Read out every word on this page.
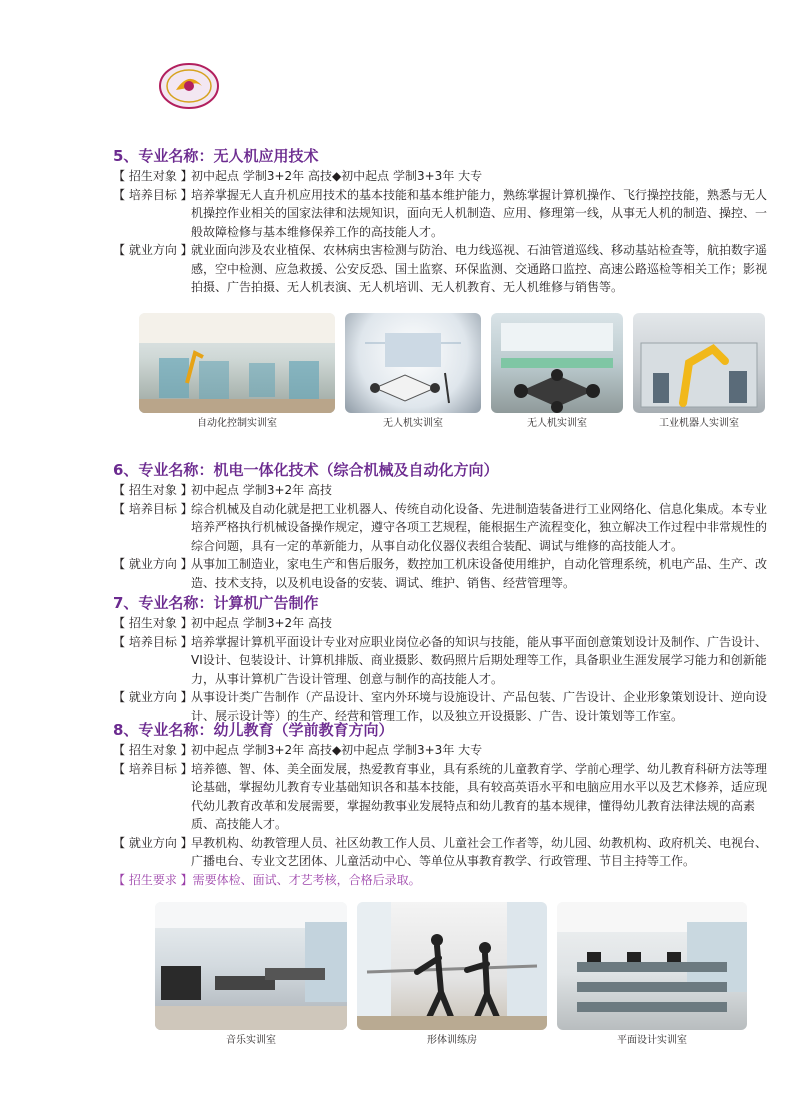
5、专业名称：无人机应用技术
【 招生对象 】
初中起点 学制3+2年 高技◆初中起点 学制3+3年 大专
【 培养目标 】
培养掌握无人直升机应用技术的基本技能和基本维护能力，熟练掌握计算机操作、飞行操控技能，熟悉与无人机操控作业相关的国家法律和法规知识，面向无人机制造、应用、修理第一线，从事无人机的制造、操控、一般故障检修与基本维修保养工作的高技能人才。
【 就业方向 】
就业面向涉及农业植保、农林病虫害检测与防治、电力线巡视、石油管道巡线、移动基站检查等，航拍数字遥感，空中检测、应急救援、公安反恐、国土监察、环保监测、交通路口监控、高速公路巡检等相关工作；影视拍摄、广告拍摄、无人机表演、无人机培训、无人机教育、无人机维修与销售等。
自动化控制实训室	无人机实训室	无人机实训室	工业机器人实训室
6、专业名称：机电一体化技术（综合机械及自动化方向）
【 招生对象 】
初中起点 学制3+2年 高技
【 培养目标 】
综合机械及自动化就是把工业机器人、传统自动化设备、先进制造装备进行工业网络化、信息化集成。本专业培养严格执行机械设备操作规定，遵守各项工艺规程，能根据生产流程变化，独立解决工作过程中非常规性的综合问题，具有一定的革新能力，从事自动化仪器仪表组合装配、调试与维修的高技能人才。
【 就业方向 】
从事加工制造业，家电生产和售后服务，数控加工机床设备使用维护，自动化管理系统，机电产品、生产、改造、技术支持，以及机电设备的安装、调试、维护、销售、经营管理等。
7、专业名称：计算机广告制作
【 招生对象 】
初中起点 学制3+2年 高技
【 培养目标 】
培养掌握计算机平面设计专业对应职业岗位必备的知识与技能，能从事平面创意策划设计及制作、广告设计、VI设计、包装设计、计算机排版、商业摄影、数码照片后期处理等工作，具备职业生涯发展学习能力和创新能力，从事计算机广告设计管理、创意与制作的高技能人才。
【 就业方向 】
从事设计类广告制作（产品设计、室内外环境与设施设计、产品包装、广告设计、企业形象策划设计、逆向设计、展示设计等）的生产、经营和管理工作，以及独立开设摄影、广告、设计策划等工作室。
8、专业名称：幼儿教育（学前教育方向）
【 招生对象 】
初中起点 学制3+2年 高技◆初中起点 学制3+3年 大专
【 培养目标 】
培养德、智、体、美全面发展，热爱教育事业，具有系统的儿童教育学、学前心理学、幼儿教育科研方法等理论基础，掌握幼儿教育专业基础知识各和基本技能，具有较高英语水平和电脑应用水平以及艺术修养，适应现代幼儿教育改革和发展需要，掌握幼教事业发展特点和幼儿教育的基本规律，懂得幼儿教育法律法规的高素质、高技能人才。
【 就业方向 】
早教机构、幼教管理人员、社区幼教工作人员、儿童社会工作者等，幼儿园、幼教机构、政府机关、电视台、广播电台、专业文艺团体、儿童活动中心、等单位从事教育教学、行政管理、节目主持等工作。
【 招生要求 】需要体检、面试、才艺考核，合格后录取。
音乐实训室	形体训练房	平面设计实训室
